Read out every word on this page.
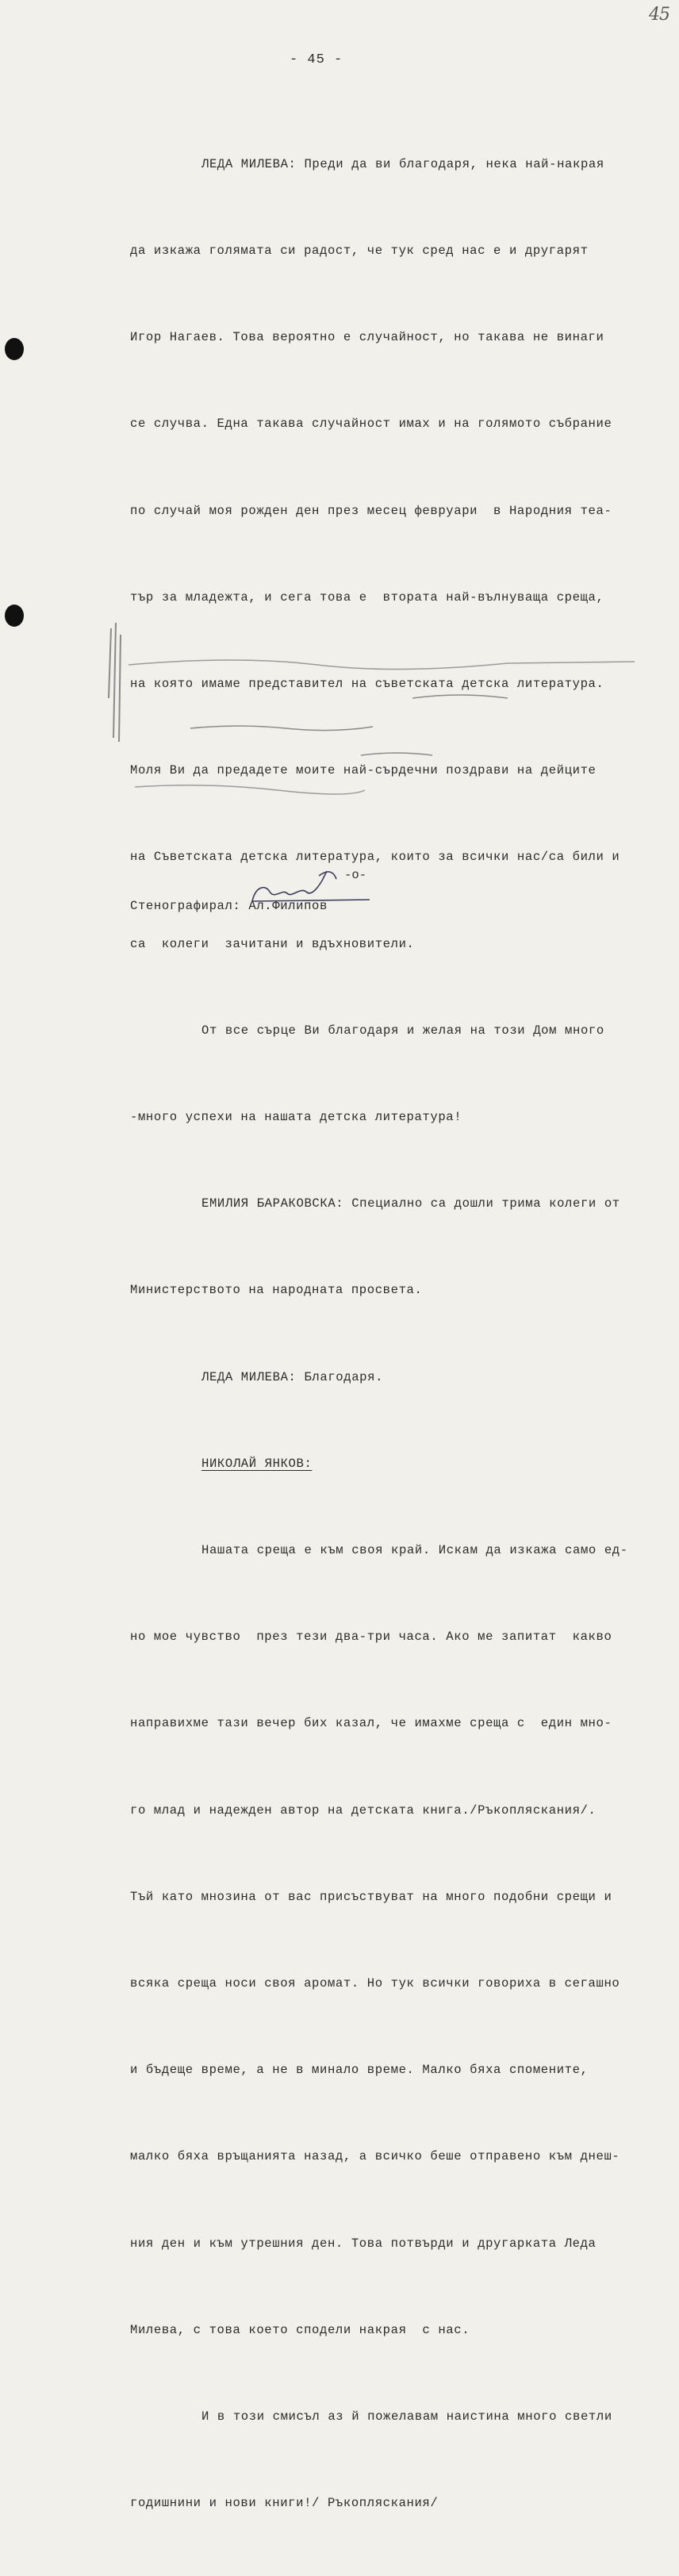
45
- 45 -

ЛЕДА МИЛЕВА: Преди да ви благодаря, нека най-накрая

да изкажа голямата си радост, че тук сред нас е и другарят

Игор Нагаев. Това вероятно е случайност, но такава не винаги

се случва. Една такава случайност имах и на голямото събрание

по случай моя рожден ден през месец февруари  в Народния теа-

тър за младежта, и сега това е  втората най-вълнуваща среща,

на която имаме представител на съветската детска литература.

Моля Ви да предадете моите най-сърдечни поздрави на дейците

на Съветската детска литература, които за всички нас/са били и

са  колеги  зачитани и вдъхновители.

От все сърце Ви благодаря и желая на този Дом много

-много успехи на нашата детска литература!

ЕМИЛИЯ БАРАКОВСКА: Специално са дошли трима колеги от

Министерството на народната просвета.

ЛЕДА МИЛЕВА: Благодаря.

НИКОЛАЙ ЯНКОВ:

Нашата среща е към своя край. Искам да изкажа само ед-

но мое чувство  през тези два-три часа. Ако ме запитат  какво

направихме тази вечер бих казал, че имахме среща с  един мно-

го млад и надежден автор на детската книга./Ръкопляскания/.

Тъй като мнозина от вас присъствуват на много подобни срещи и

всяка среща носи своя аромат. Но тук всички говориха в сегашно

и бъдеще време, а не в минало време. Малко бяха спомените,

малко бяха връщанията назад, а всичко беше отправено към днеш-

ния ден и към утрешния ден. Това потвърди и другарката Леда

Милева, с това което сподели накрая  с нас.

И в този смисъл аз й пожелавам наистина много светли

годишнини и нови книги!/ Ръкопляскания/

-о-
Стенографирал: Ал.Филипов
